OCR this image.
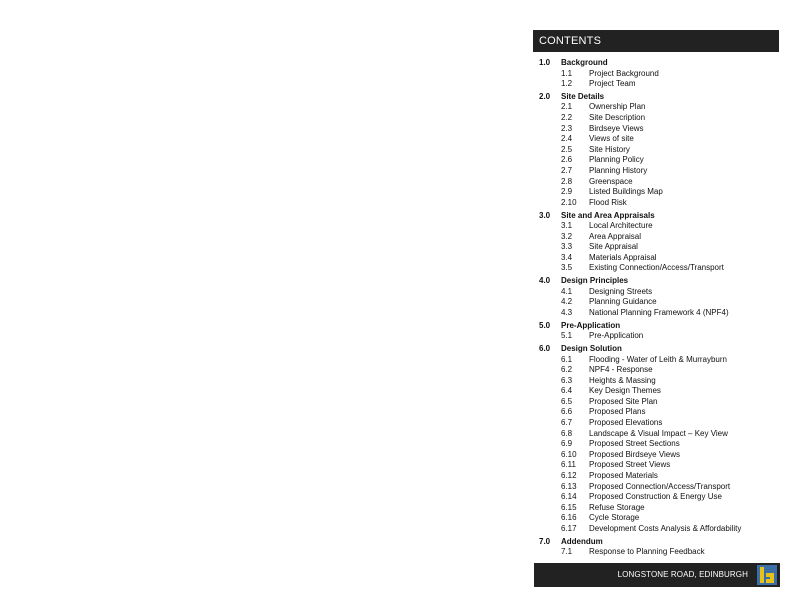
CONTENTS
1.0 Background
1.1 Project Background
1.2 Project Team
2.0 Site Details
2.1 Ownership Plan
2.2 Site Description
2.3 Birdseye Views
2.4 Views of site
2.5 Site History
2.6 Planning Policy
2.7 Planning History
2.8 Greenspace
2.9 Listed Buildings Map
2.10 Flood Risk
3.0 Site and Area Appraisals
3.1 Local Architecture
3.2 Area Appraisal
3.3 Site Appraisal
3.4 Materials Appraisal
3.5 Existing Connection/Access/Transport
4.0 Design Principles
4.1 Designing Streets
4.2 Planning Guidance
4.3 National Planning Framework 4 (NPF4)
5.0 Pre-Application
5.1 Pre-Application
6.0 Design Solution
6.1 Flooding - Water of Leith & Murrayburn
6.2 NPF4 - Response
6.3 Heights & Massing
6.4 Key Design Themes
6.5 Proposed Site Plan
6.6 Proposed Plans
6.7 Proposed Elevations
6.8 Landscape & Visual Impact – Key View
6.9 Proposed Street Sections
6.10 Proposed Birdseye Views
6.11 Proposed Street Views
6.12 Proposed Materials
6.13 Proposed Connection/Access/Transport
6.14 Proposed Construction & Energy Use
6.15 Refuse Storage
6.16 Cycle Storage
6.17 Development Costs Analysis & Affordability
7.0 Addendum
7.1 Response to Planning Feedback
LONGSTONE ROAD, EDINBURGH
